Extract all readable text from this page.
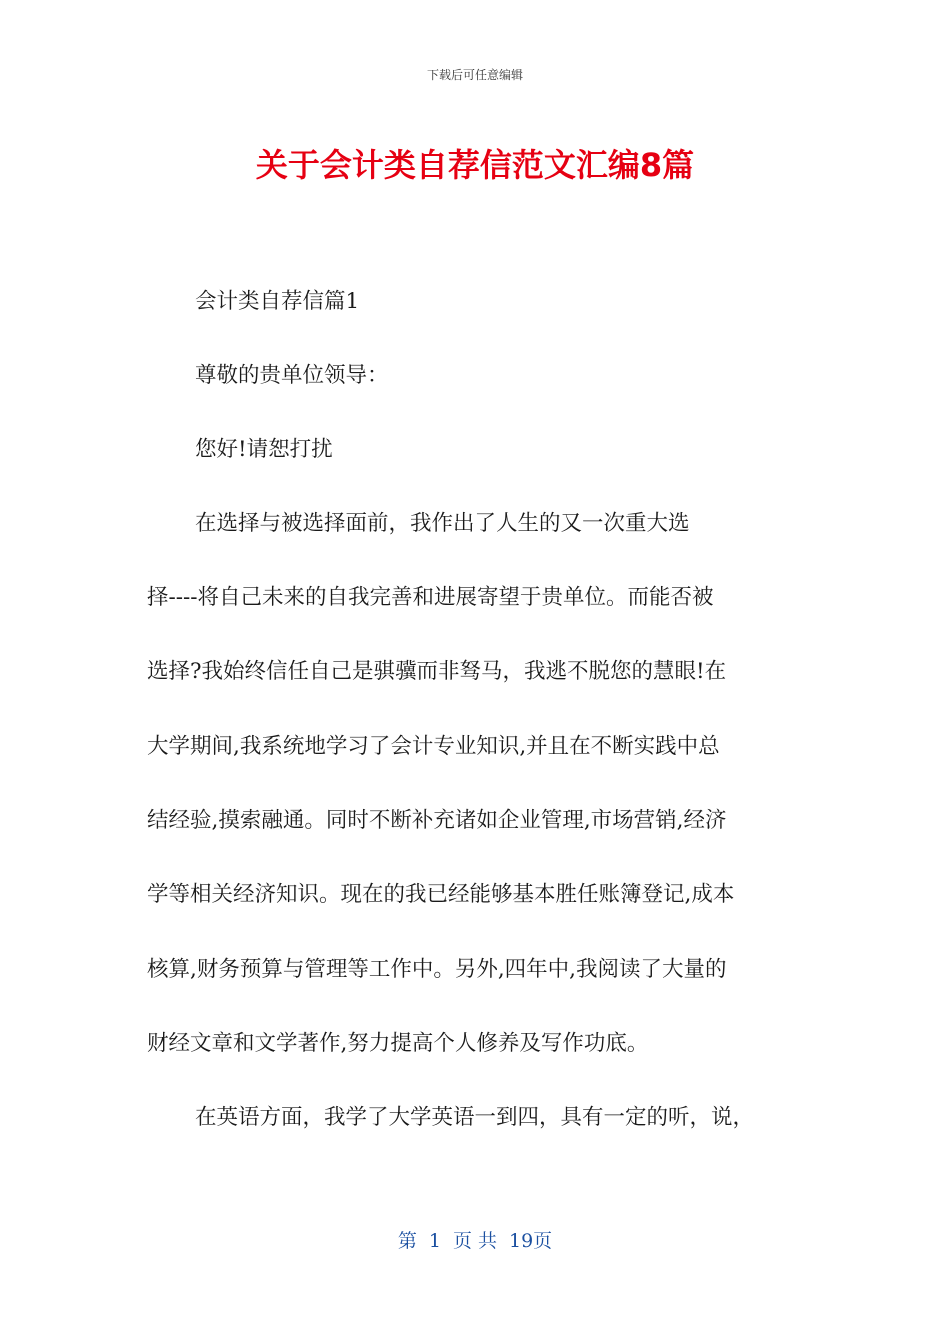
下载后可任意编辑
关于会计类自荐信范文汇编8篇
会计类自荐信篇1
尊敬的贵单位领导：
您好!请恕打扰
在选择与被选择面前，我作出了人生的又一次重大选
择----将自己未来的自我完善和进展寄望于贵单位。而能否被
选择?我始终信任自己是骐骥而非驽马，我逃不脱您的慧眼!在
大学期间,我系统地学习了会计专业知识,并且在不断实践中总
结经验,摸索融通。同时不断补充诸如企业管理,市场营销,经济
学等相关经济知识。现在的我已经能够基本胜任账簿登记,成本
核算,财务预算与管理等工作中。另外,四年中,我阅读了大量的
财经文章和文学著作,努力提高个人修养及写作功底。
在英语方面，我学了大学英语一到四，具有一定的听，说，
第 1 页 共 19页
